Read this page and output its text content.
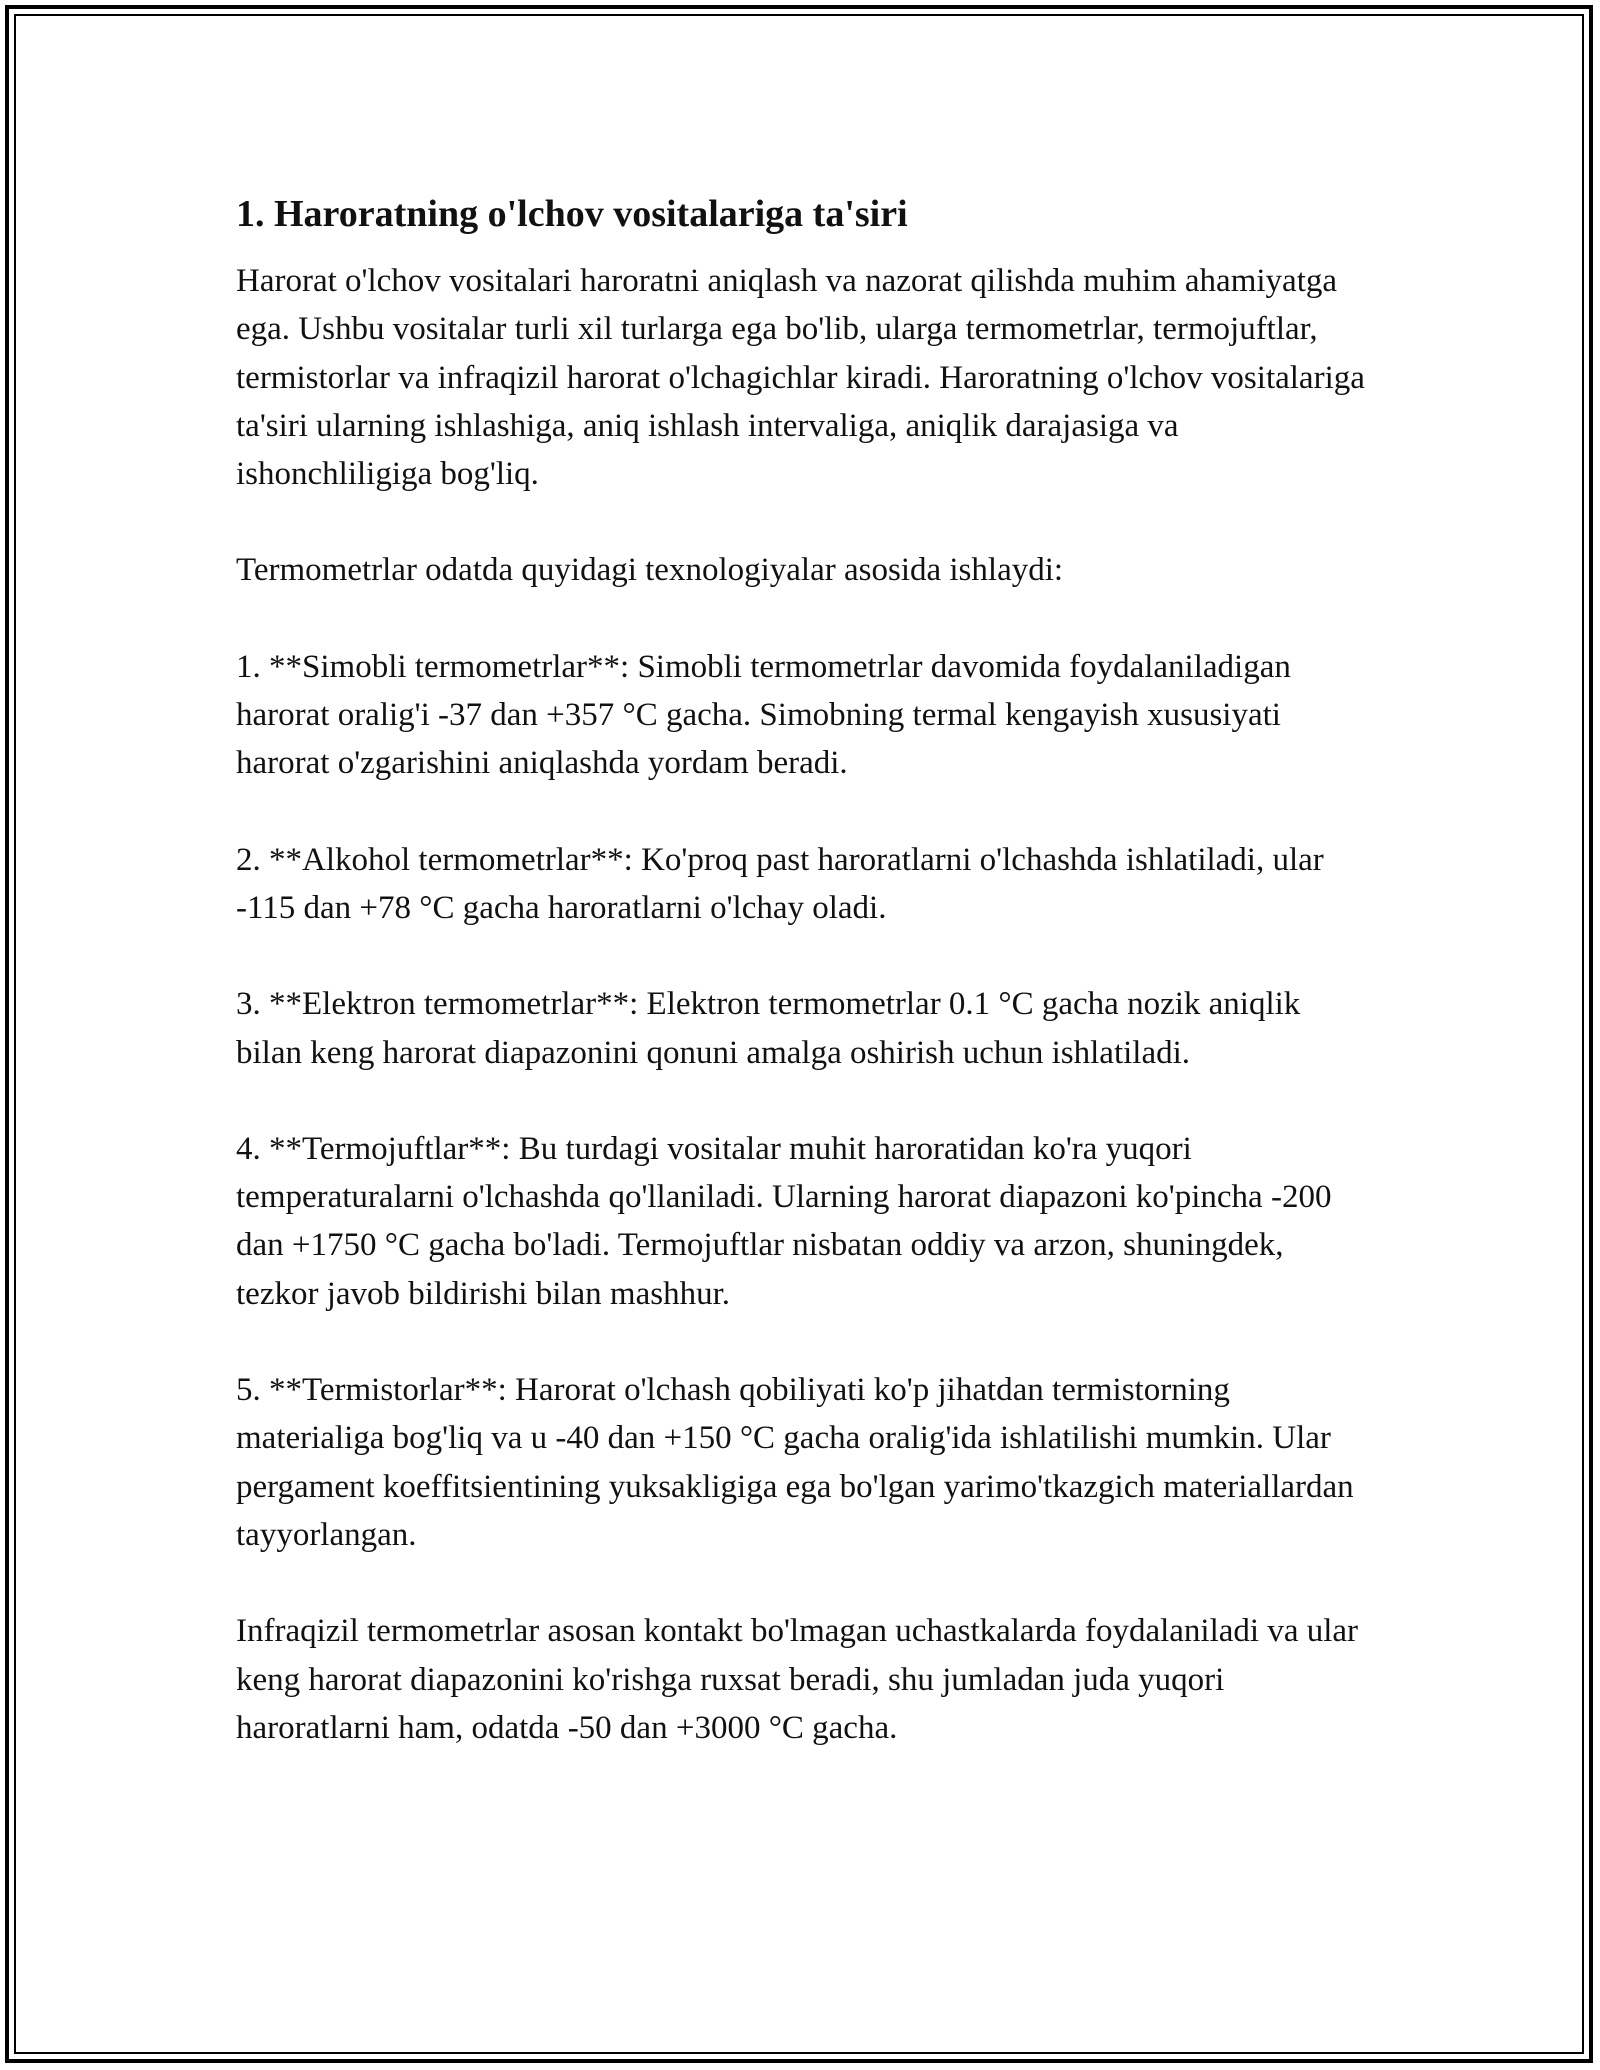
1. Haroratning o'lchov vositalariga ta'siri

Harorat o'lchov vositalari haroratni aniqlash va nazorat qilishda muhim ahamiyatga ega. Ushbu vositalar turli xil turlarga ega bo'lib, ularga termometrlar, termojuftlar, termistorlar va infraqizil harorat o'lchagichlar kiradi. Haroratning o'lchov vositalariga ta'siri ularning ishlashiga, aniq ishlash intervaliga, aniqlik darajasiga va ishonchliligiga bog'liq.

Termometrlar odatda quyidagi texnologiyalar asosida ishlaydi:

1. **Simobli termometrlar**: Simobli termometrlar davomida foydalaniladigan harorat oralig'i -37 dan +357 °C gacha. Simobning termal kengayish xususiyati harorat o'zgarishini aniqlashda yordam beradi.

2. **Alkohol termometrlar**: Ko'proq past haroratlarni o'lchashda ishlatiladi, ular -115 dan +78 °C gacha haroratlarni o'lchay oladi.

3. **Elektron termometrlar**: Elektron termometrlar 0.1 °C gacha nozik aniqlik bilan keng harorat diapazonini qonuni amalga oshirish uchun ishlatiladi.

4. **Termojuftlar**: Bu turdagi vositalar muhit haroratidan ko'ra yuqori temperaturalarni o'lchashda qo'llaniladi. Ularning harorat diapazoni ko'pincha -200 dan +1750 °C gacha bo'ladi. Termojuftlar nisbatan oddiy va arzon, shuningdek, tezkor javob bildirishi bilan mashhur.

5. **Termistorlar**: Harorat o'lchash qobiliyati ko'p jihatdan termistorning materialiga bog'liq va u -40 dan +150 °C gacha oralig'ida ishlatilishi mumkin. Ular pergament koeffitsientining yuksakligiga ega bo'lgan yarimo'tkazgich materiallardan tayyorlangan.

Infraqizil termometrlar asosan kontakt bo'lmagan uchastkalarda foydalaniladi va ular keng harorat diapazonini ko'rishga ruxsat beradi, shu jumladan juda yuqori haroratlarni ham, odatda -50 dan +3000 °C gacha.
